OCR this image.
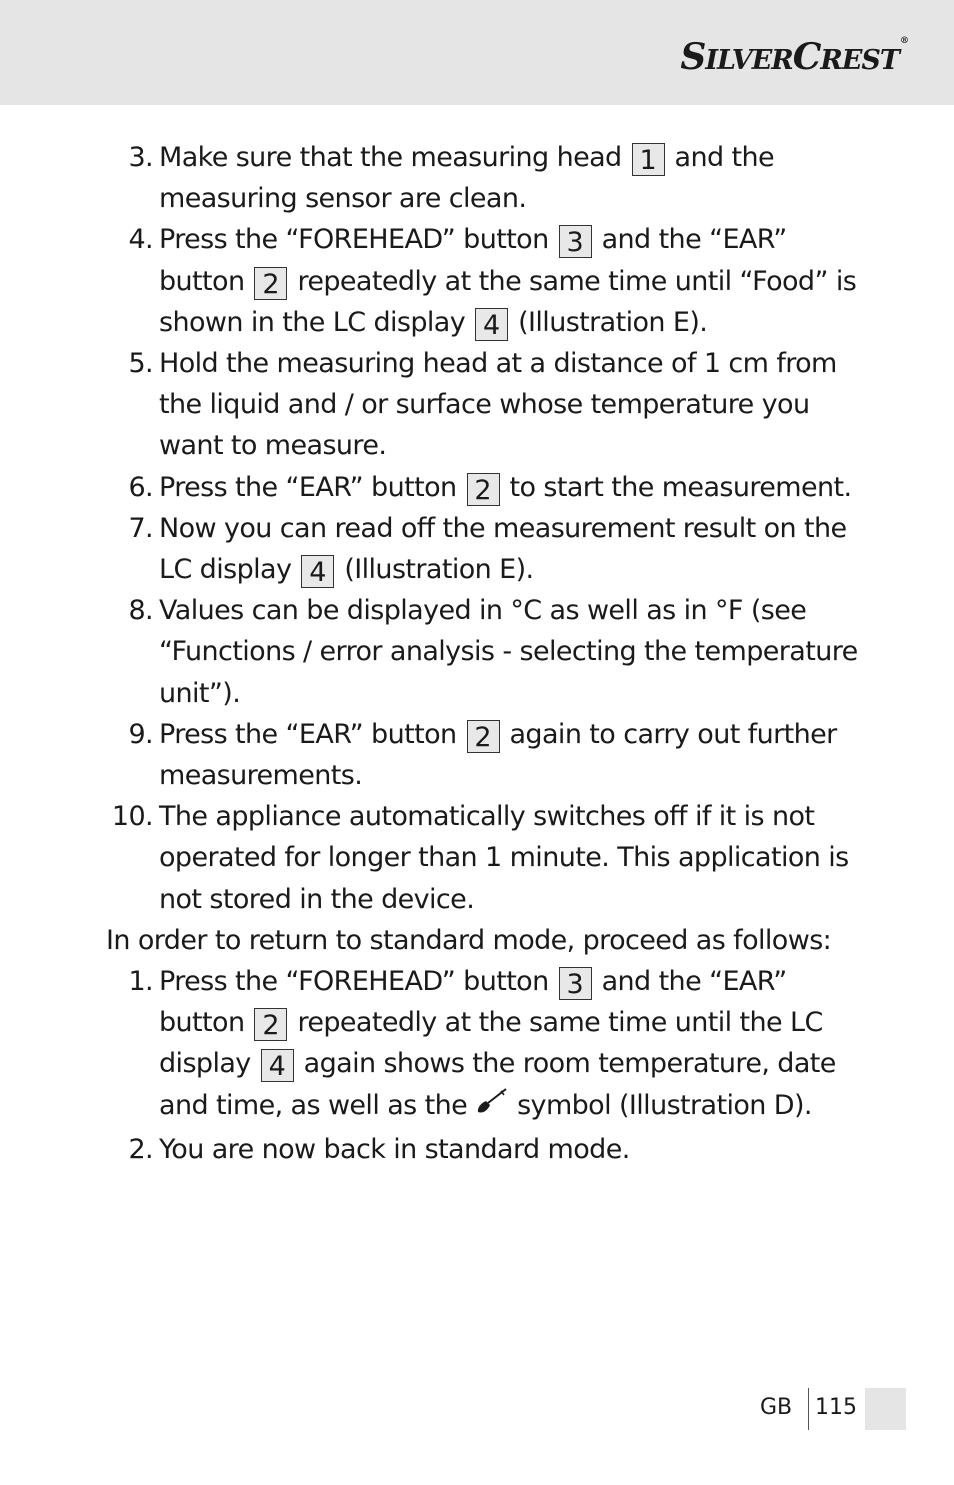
SILVERCREST®
3. Make sure that the measuring head 1 and the measuring sensor are clean.
4. Press the “FOREHEAD” button 3 and the “EAR” button 2 repeatedly at the same time until “Food” is shown in the LC display 4 (Illustration E).
5. Hold the measuring head at a distance of 1 cm from the liquid and / or surface whose temperature you want to measure.
6. Press the “EAR” button 2 to start the measurement.
7. Now you can read off the measurement result on the LC display 4 (Illustration E).
8. Values can be displayed in °C as well as in °F (see “Functions / error analysis - selecting the temperature unit”).
9. Press the “EAR” button 2 again to carry out further measurements.
10. The appliance automatically switches off if it is not operated for longer than 1 minute. This application is not stored in the device.
In order to return to standard mode, proceed as follows:
1. Press the “FOREHEAD” button 3 and the “EAR” button 2 repeatedly at the same time until the LC display 4 again shows the room temperature, date and time, as well as the symbol (Illustration D).
2. You are now back in standard mode.
GB 115
